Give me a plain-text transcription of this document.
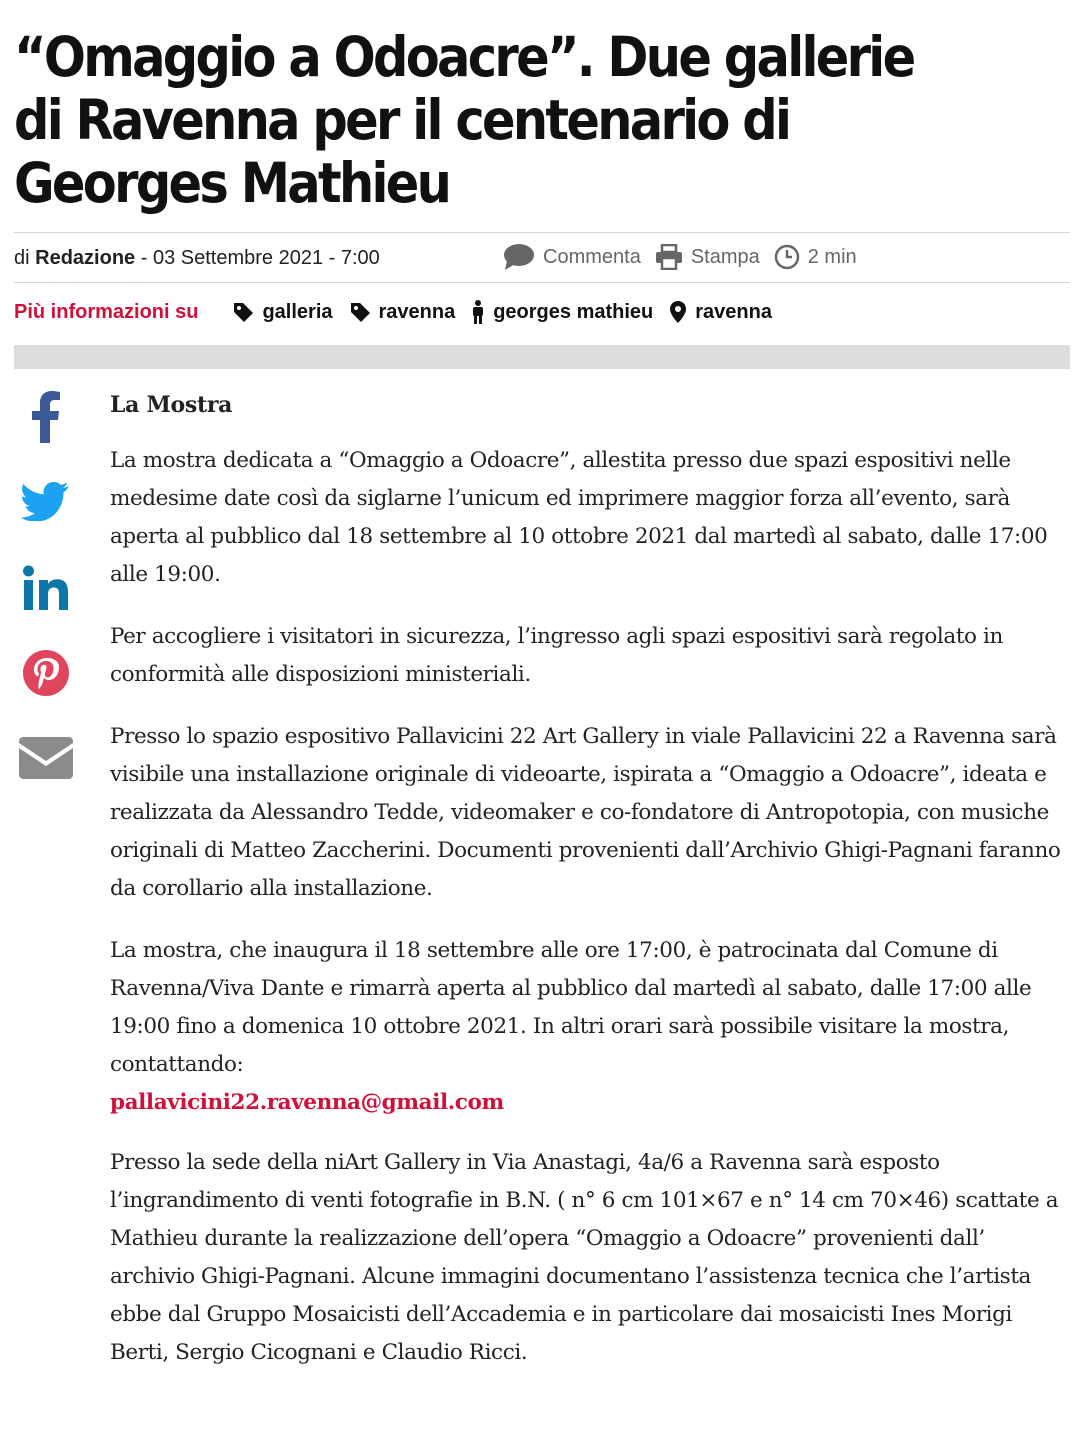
“Omaggio a Odoacre”. Due gallerie di Ravenna per il centenario di Georges Mathieu
di Redazione - 03 Settembre 2021 - 7:00	Commenta	Stampa 2 min
Più informazioni su	galleria ravenna georges mathieu ravenna
La Mostra

La mostra dedicata a “Omaggio a Odoacre”, allestita presso due spazi espositivi nelle medesime date così da siglarne l’unicum ed imprimere maggior forza all’evento, sarà aperta al pubblico dal 18 settembre al 10 ottobre 2021 dal martedì al sabato, dalle 17:00 alle 19:00.

Per accogliere i visitatori in sicurezza, l’ingresso agli spazi espositivi sarà regolato in conformità alle disposizioni ministeriali.

Presso lo spazio espositivo Pallavicini 22 Art Gallery in viale Pallavicini 22 a Ravenna sarà visibile una installazione originale di videoarte, ispirata a “Omaggio a Odoacre”, ideata e realizzata da Alessandro Tedde, videomaker e co-fondatore di Antropotopia, con musiche originali di Matteo Zaccherini. Documenti provenienti dall’Archivio Ghigi-Pagnani faranno da corollario alla installazione.

La mostra, che inaugura il 18 settembre alle ore 17:00, è patrocinata dal Comune di Ravenna/Viva Dante e rimarrà aperta al pubblico dal martedì al sabato, dalle 17:00 alle 19:00 fino a domenica 10 ottobre 2021. In altri orari sarà possibile visitare la mostra, contattando:
pallavicini22.ravenna@gmail.com

Presso la sede della niArt Gallery in Via Anastagi, 4a/6 a Ravenna sarà esposto l’ingrandimento di venti fotografie in B.N. ( n° 6 cm 101×67 e n° 14 cm 70×46) scattate a Mathieu durante la realizzazione dell’opera “Omaggio a Odoacre” provenienti dall’ archivio Ghigi-Pagnani. Alcune immagini documentano l’assistenza tecnica che l’artista ebbe dal Gruppo Mosaicisti dell’Accademia e in particolare dai mosaicisti Ines Morigi Berti, Sergio Cicognani e Claudio Ricci.
